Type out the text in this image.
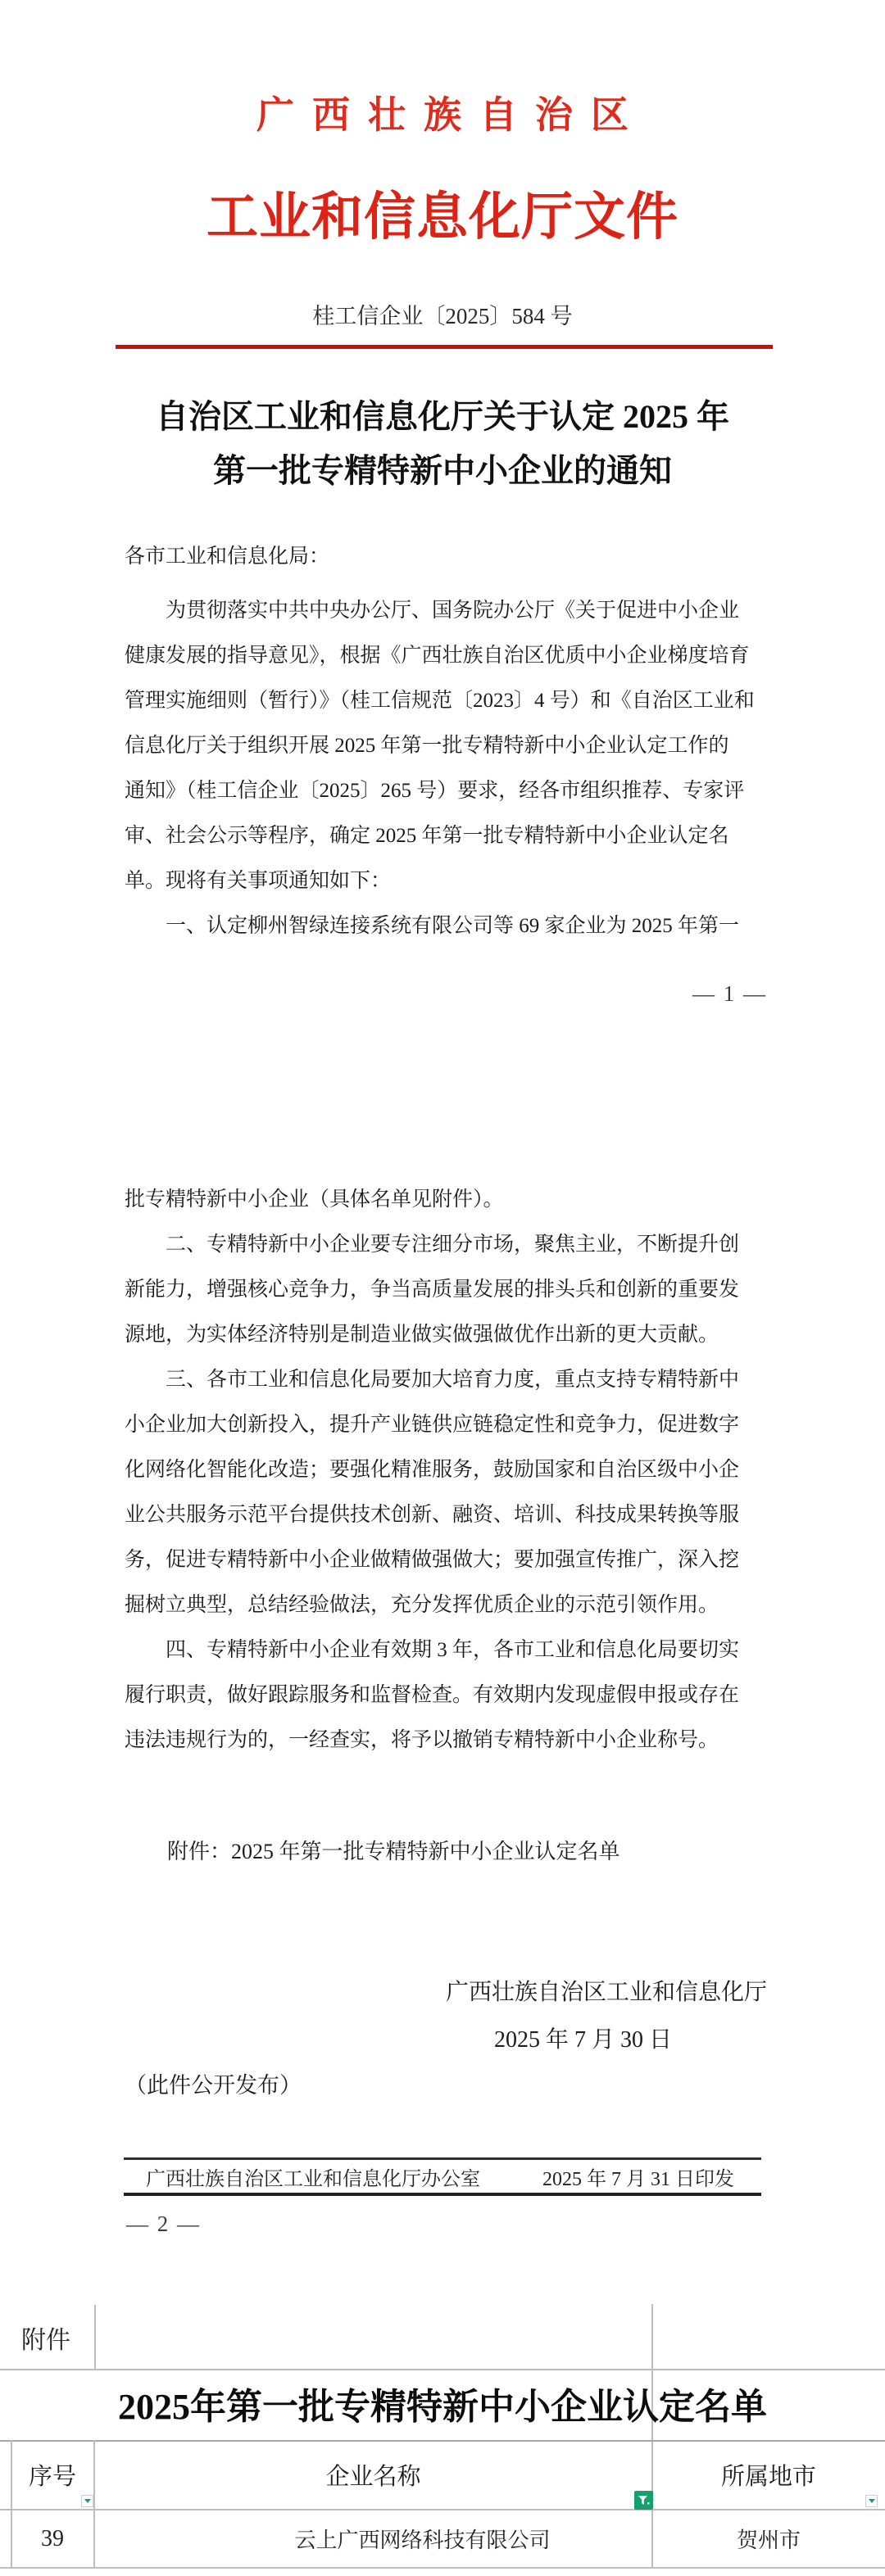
广西壮族自治区
工业和信息化厅文件
桂工信企业〔2025〕584 号
自治区工业和信息化厅关于认定 2025 年
第一批专精特新中小企业的通知
各市工业和信息化局：
为贯彻落实中共中央办公厅、国务院办公厅《关于促进中小企业
健康发展的指导意见》，根据《广西壮族自治区优质中小企业梯度培育
管理实施细则（暂行）》（桂工信规范〔2023〕4 号）和《自治区工业和
信息化厅关于组织开展 2025 年第一批专精特新中小企业认定工作的
通知》（桂工信企业〔2025〕265 号）要求，经各市组织推荐、专家评
审、社会公示等程序，确定 2025 年第一批专精特新中小企业认定名
单。现将有关事项通知如下：
一、认定柳州智绿连接系统有限公司等 69 家企业为 2025 年第一
— 1 —
批专精特新中小企业（具体名单见附件）。
二、专精特新中小企业要专注细分市场，聚焦主业，不断提升创
新能力，增强核心竞争力，争当高质量发展的排头兵和创新的重要发
源地，为实体经济特别是制造业做实做强做优作出新的更大贡献。
三、各市工业和信息化局要加大培育力度，重点支持专精特新中
小企业加大创新投入，提升产业链供应链稳定性和竞争力，促进数字
化网络化智能化改造；要强化精准服务，鼓励国家和自治区级中小企
业公共服务示范平台提供技术创新、融资、培训、科技成果转换等服
务，促进专精特新中小企业做精做强做大；要加强宣传推广，深入挖
掘树立典型，总结经验做法，充分发挥优质企业的示范引领作用。
四、专精特新中小企业有效期 3 年，各市工业和信息化局要切实
履行职责，做好跟踪服务和监督检查。有效期内发现虚假申报或存在
违法违规行为的，一经查实，将予以撤销专精特新中小企业称号。
附件：2025 年第一批专精特新中小企业认定名单
广西壮族自治区工业和信息化厅
2025 年 7 月 30 日
（此件公开发布）
广西壮族自治区工业和信息化厅办公室	2025 年 7 月 31 日印发
— 2 —
附件
2025年第一批专精特新中小企业认定名单
序号	企业名称	所属地市
39	云上广西网络科技有限公司	贺州市
